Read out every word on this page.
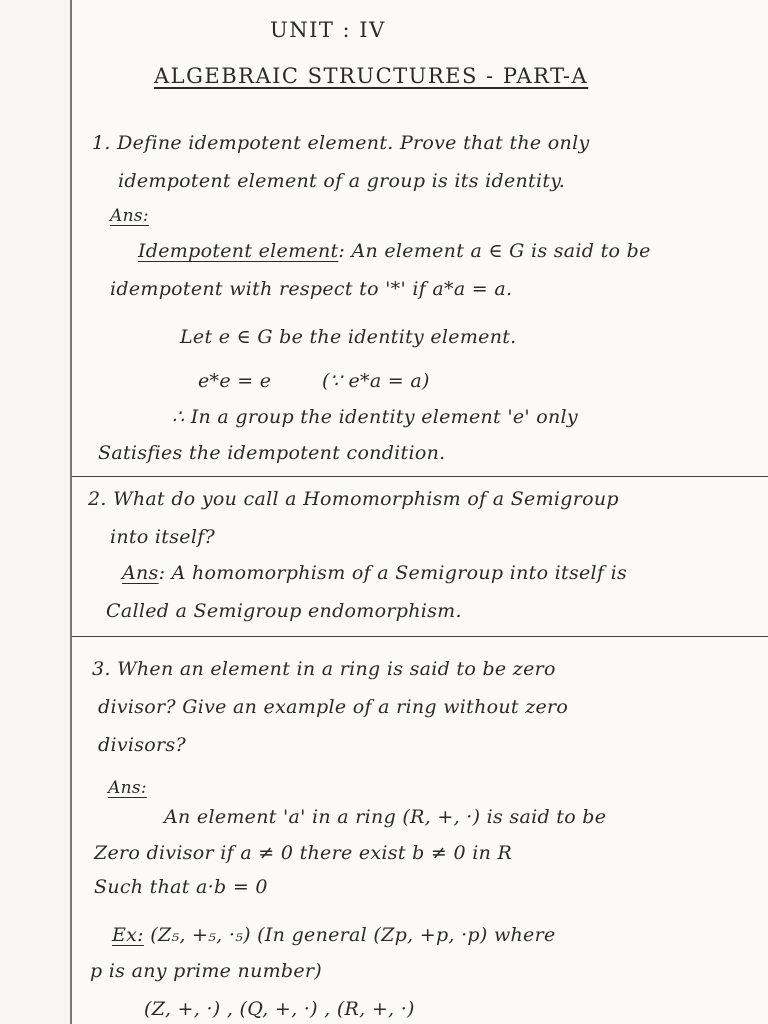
UNIT : IV
ALGEBRAIC STRUCTURES - PART-A
1. Define idempotent element. Prove that the only
idempotent element of a group is its identity.
Ans:
Idempotent element: An element a ∈ G is said to be
idempotent with respect to '*' if a*a = a.
Let e ∈ G be the identity element.
e*e = e        (∵ e*a = a)
∴ In a group the identity element 'e' only
Satisfies the idempotent condition.
2. What do you call a Homomorphism of a Semigroup
into itself?
Ans: A homomorphism of a Semigroup into itself is
Called a Semigroup endomorphism.
3. When an element in a ring is said to be zero
divisor? Give an example of a ring without zero
divisors?
Ans:
An element 'a' in a ring (R, +, ·) is said to be
Zero divisor if a ≠ 0 there exist b ≠ 0 in R
Such that a·b = 0
Ex: (Z₅, +₅, ·₅) (In general (Zp, +p, ·p) where
p is any prime number)
(Z, +, ·) , (Q, +, ·) , (R, +, ·)
